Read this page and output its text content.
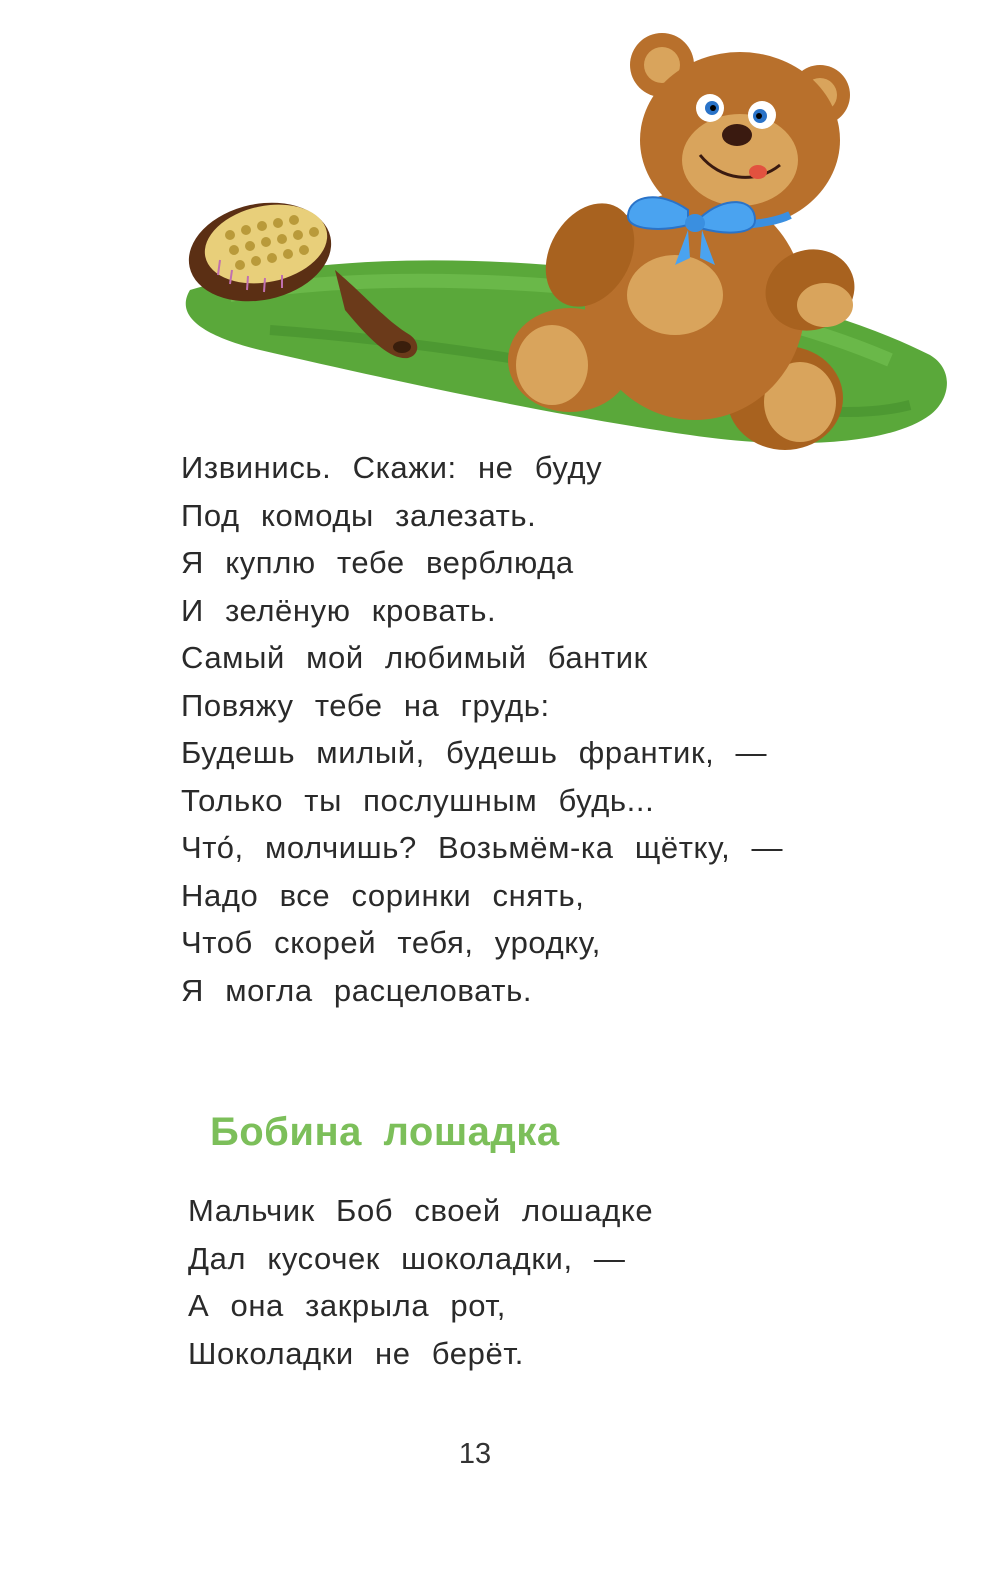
Извинись. Скажи: не буду
Под комоды залезать.
Я куплю тебе верблюда
И зелёную кровать.
Самый мой любимый бантик
Повяжу тебе на грудь:
Будешь милый, будешь франтик, —
Только ты послушным будь...
Что́, молчишь? Возьмём-ка щётку, —
Надо все соринки снять,
Чтоб скорей тебя, уродку,
Я могла расцеловать.
Бобина лошадка
Мальчик Боб своей лошадке
Дал кусочек шоколадки, —
А она закрыла рот,
Шоколадки не берёт.
13
